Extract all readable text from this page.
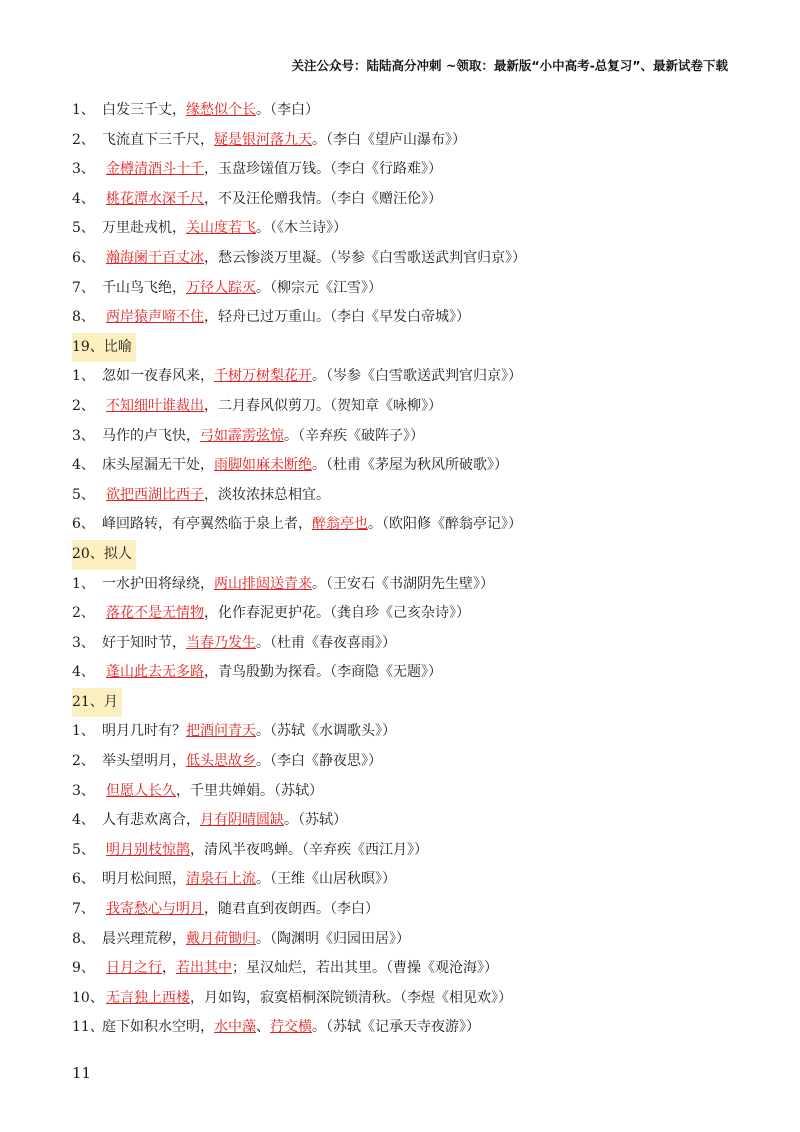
关注公众号：陆陆高分冲刺 ~领取：最新版“小中高考-总复习”、最新试卷下载
1、 白发三千丈，缘愁似个长。（李白）
2、 飞流直下三千尺，疑是银河落九天。（李白《望庐山瀑布》）
3、 金樽清酒斗十千，玉盘珍馐值万钱。（李白《行路难》）
4、 桃花潭水深千尺，不及汪伦赠我情。（李白《赠汪伦》）
5、 万里赴戎机，关山度若飞。（《木兰诗》）
6、 瀚海阑干百丈冰，愁云惨淡万里凝。（岑参《白雪歌送武判官归京》）
7、 千山鸟飞绝，万径人踪灭。（柳宗元《江雪》）
8、 两岸猿声啼不住，轻舟已过万重山。（李白《早发白帝城》）
19、比喻
1、 忽如一夜春风来，千树万树梨花开。（岑参《白雪歌送武判官归京》）
2、 不知细叶谁裁出，二月春风似剪刀。（贺知章《咏柳》）
3、 马作的卢飞快，弓如霹雳弦惊。（辛弃疾《破阵子》）
4、 床头屋漏无干处，雨脚如麻未断绝。（杜甫《茅屋为秋风所破歌》）
5、 欲把西湖比西子，淡妆浓抹总相宜。
6、 峰回路转，有亭翼然临于泉上者，醉翁亭也。（欧阳修《醉翁亭记》）
20、拟人
1、 一水护田将绿绕，两山排闼送青来。（王安石《书湖阴先生壁》）
2、 落花不是无情物，化作春泥更护花。（龚自珍《己亥杂诗》）
3、 好于知时节，当春乃发生。（杜甫《春夜喜雨》）
4、 蓬山此去无多路，青鸟殷勤为探看。（李商隐《无题》）
21、月
1、 明月几时有？把酒问青天。（苏轼《水调歌头》）
2、 举头望明月，低头思故乡。（李白《静夜思》）
3、 但愿人长久，千里共婵娟。（苏轼）
4、 人有悲欢离合，月有阴晴圆缺。（苏轼）
5、 明月别枝惊鹊，清风半夜鸣蝉。（辛弃疾《西江月》）
6、 明月松间照，清泉石上流。（王维《山居秋暝》）
7、 我寄愁心与明月，随君直到夜朗西。（李白）
8、 晨兴理荒秽，戴月荷锄归。（陶渊明《归园田居》）
9、 日月之行，若出其中；星汉灿烂，若出其里。（曹操《观沧海》）
10、 无言独上西楼，月如钩，寂寞梧桐深院锁清秋。（李煜《相见欢》）
11、庭下如积水空明，水中藻、荇交横。（苏轼《记承天寺夜游》）
11
